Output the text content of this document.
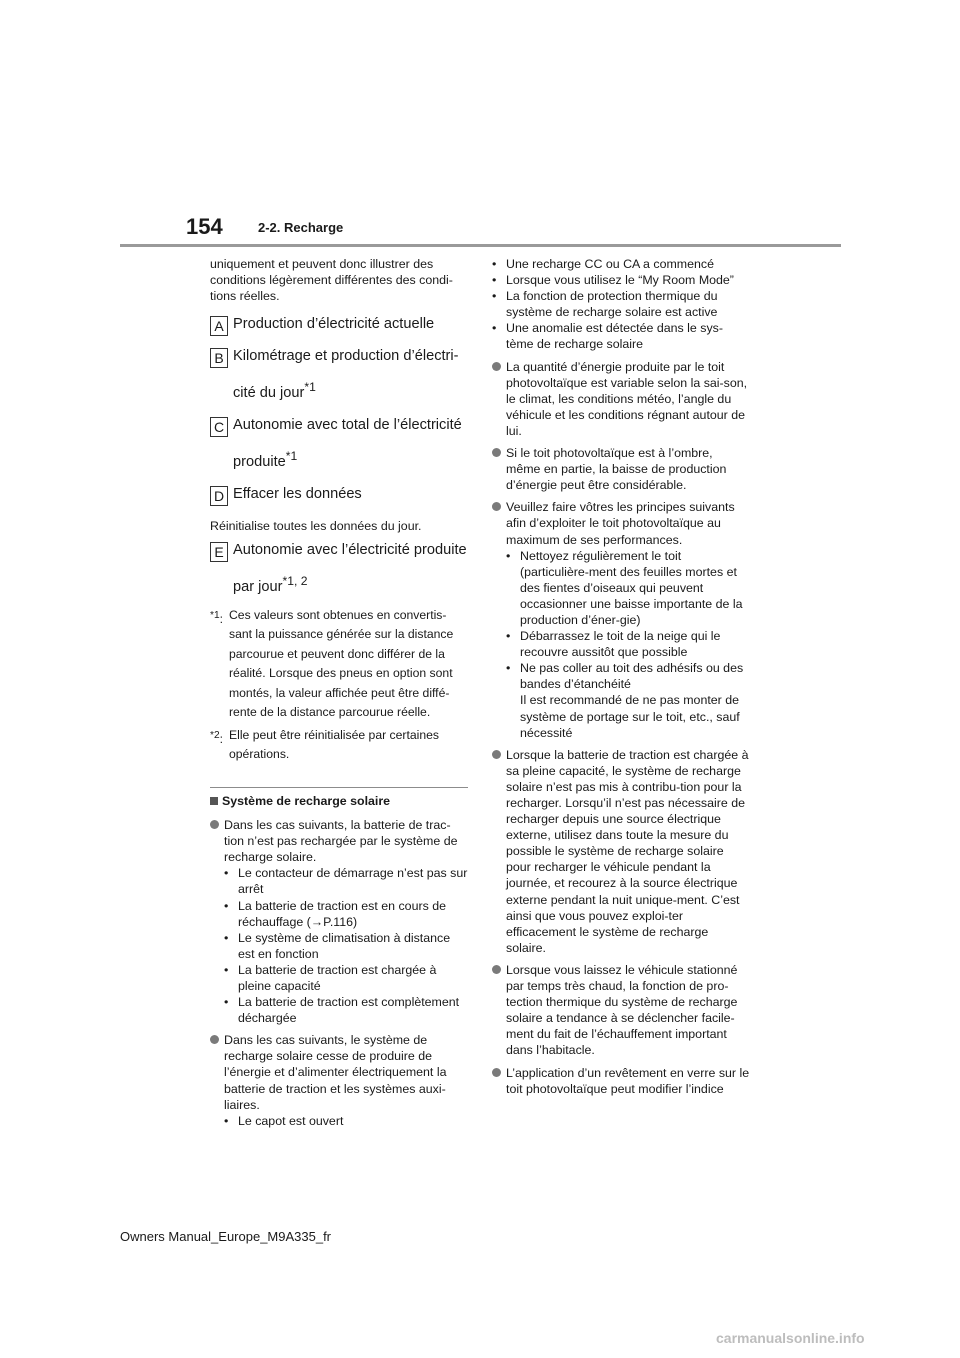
154	2-2. Recharge

uniquement et peuvent donc illustrer des conditions légèrement différentes des condi-tions réelles.

A Production d’électricité actuelle
B Kilométrage et production d’électri-cité du jour$^{*1}$
C Autonomie avec total de l’électricité produite$^{*1}$
D Effacer les données

Réinitialise toutes les données du jour.

E Autonomie avec l’électricité produite par jour$^{*1, 2}$
$^{*1}$: Ces valeurs sont obtenues en convertis-sant la puissance générée sur la distance parcourue et peuvent donc différer de la réalité. Lorsque des pneus en option sont montés, la valeur affichée peut être diffé-rente de la distance parcourue réelle.
$^{*2}$: Elle peut être réinitialisée par certaines opérations.
Système de recharge solaire

Dans les cas suivants, la batterie de trac-tion n’est pas rechargée par le système de recharge solaire.

• Le contacteur de démarrage n’est pas sur arrêt
• La batterie de traction est en cours de réchauffage (→P.116)
• Le système de climatisation à distance est en fonction
• La batterie de traction est chargée à pleine capacité
• La batterie de traction est complètement déchargée

Dans les cas suivants, le système de recharge solaire cesse de produire de l’énergie et d’alimenter électriquement la batterie de traction et les systèmes auxi-liaires.

• Le capot est ouvert
• Une recharge CC ou CA a commencé
• Lorsque vous utilisez le “My Room Mode”
• La fonction de protection thermique du système de recharge solaire est active
• Une anomalie est détectée dans le sys-tème de recharge solaire

La quantité d’énergie produite par le toit photovoltaïque est variable selon la sai-son, le climat, les conditions météo, l’angle du véhicule et les conditions régnant autour de lui.

Si le toit photovoltaïque est à l’ombre, même en partie, la baisse de production d’énergie peut être considérable.

Veuillez faire vôtres les principes suivants afin d’exploiter le toit photovoltaïque au maximum de ses performances.

• Nettoyez régulièrement le toit (particulière-ment des feuilles mortes et des fientes d’oiseaux qui peuvent occasionner une baisse importante de la production d’éner-gie)
• Débarrassez le toit de la neige qui le recouvre aussitôt que possible
• Ne pas coller au toit des adhésifs ou des bandes d’étanchéité

Il est recommandé de ne pas monter de système de portage sur le toit, etc., sauf nécessité

Lorsque la batterie de traction est chargée à sa pleine capacité, le système de recharge solaire n’est pas mis à contribu-tion pour la recharger. Lorsqu’il n’est pas nécessaire de recharger depuis une source électrique externe, utilisez dans toute la mesure du possible le système de recharge solaire pour recharger le véhicule pendant la journée, et recourez à la source électrique externe pendant la nuit unique-ment. C’est ainsi que vous pouvez exploi-ter efficacement le système de recharge solaire.

Lorsque vous laissez le véhicule stationné par temps très chaud, la fonction de pro-tection thermique du système de recharge solaire a tendance à se déclencher facile-ment du fait de l’échauffement important dans l’habitacle.

L’application d’un revêtement en verre sur le toit photovoltaïque peut modifier l’indice

Owners Manual_Europe_M9A335_fr
carmanualsonline.info
